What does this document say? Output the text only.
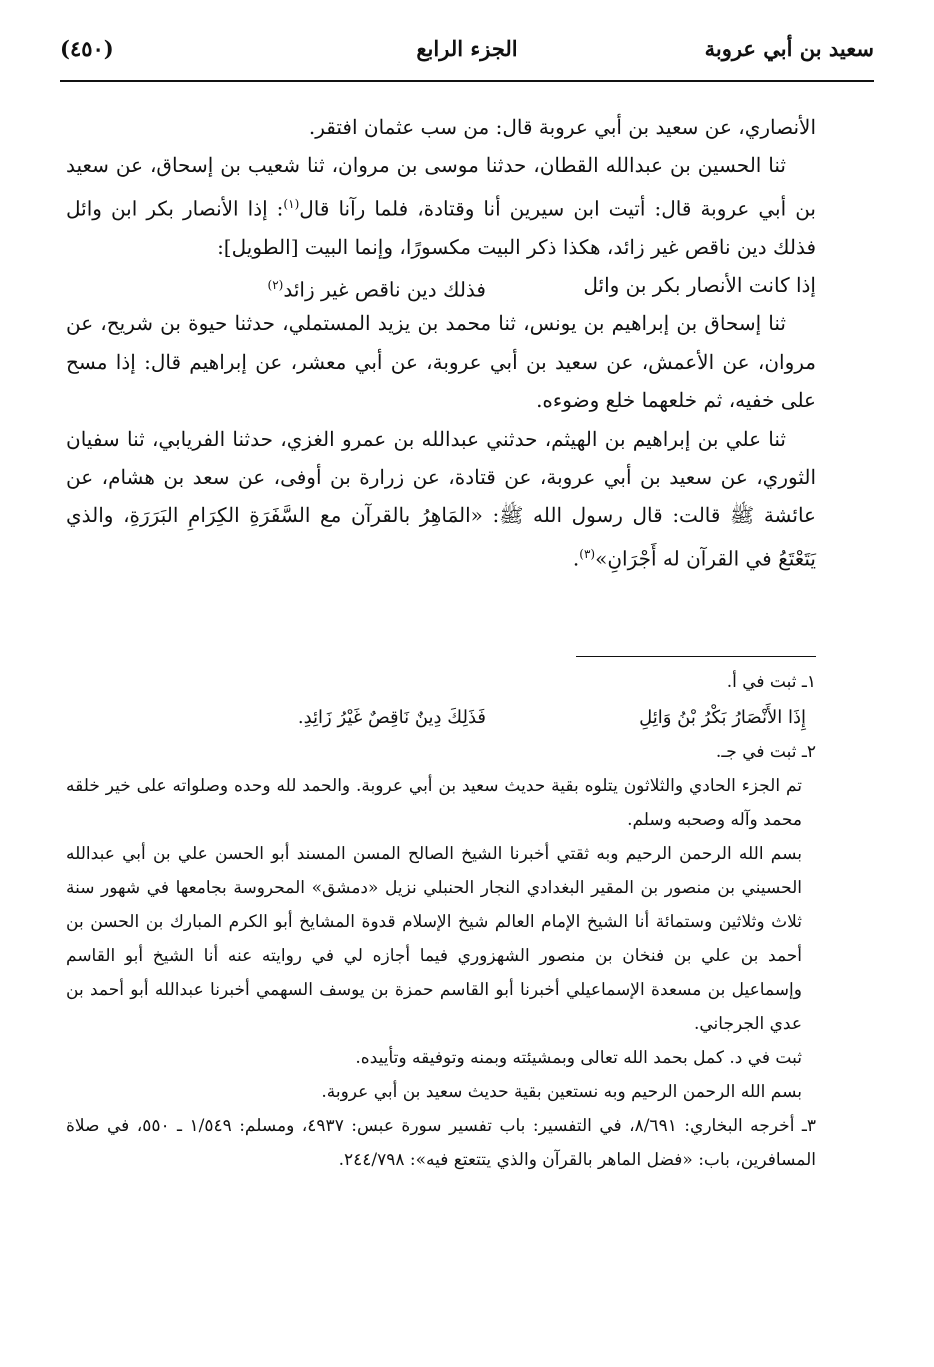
سعيد بن أبي عروبة
الجزء الرابع
(٤٥٠)

الأنصاري، عن سعيد بن أبي عروبة قال: من سب عثمان افتقر.

ثنا الحسين بن عبدالله القطان، حدثنا موسى بن مروان، ثنا شعيب بن إسحاق، عن سعيد بن أبي عروبة قال: أتيت ابن سيرين أنا وقتادة، فلما رآنا قال$^{(١)}$: إذا الأنصار بكر ابن وائل فذلك دين ناقص غير زائد، هكذا ذكر البيت مكسورًا، وإنما البيت [الطويل]:

إذا كانت الأنصار بكر بن وائل
فذلك دين ناقص غير زائد$^{(٢)}$

ثنا إسحاق بن إبراهيم بن يونس، ثنا محمد بن يزيد المستملي، حدثنا حيوة بن شريح، عن مروان، عن الأعمش، عن سعيد بن أبي عروبة، عن أبي معشر، عن إبراهيم قال: إذا مسح على خفيه، ثم خلعهما خلع وضوءه.

ثنا علي بن إبراهيم بن الهيثم، حدثني عبدالله بن عمرو الغزي، حدثنا الفريابي، ثنا سفيان الثوري، عن سعيد بن أبي عروبة، عن قتادة، عن زرارة بن أوفى، عن سعد بن هشام، عن عائشة ﷺ قالت: قال رسول الله ﷺ: «المَاهِرُ بالقرآن مع السَّفَرَةِ الكِرَامِ البَرَرَةِ، والذي يَتَعْتَعُ في القرآن له أَجْرَانِ»$^{(٣)}$.

١ـ ثبت في أ.

إِذَا الأَنْصَارُ بَكْرُ بْنُ وَائِلِ
فَذَلِكَ دِينٌ نَاقِصٌ غَيْرُ زَائِدِ.

٢ـ ثبت في جـ.

تم الجزء الحادي والثلاثون يتلوه بقية حديث سعيد بن أبي عروبة. والحمد لله وحده وصلواته على خير خلقه محمد وآله وصحبه وسلم.

بسم الله الرحمن الرحيم وبه ثقتي أخبرنا الشيخ الصالح المسن المسند أبو الحسن علي بن أبي عبدالله الحسيني بن منصور بن المقير البغدادي النجار الحنبلي نزيل «دمشق» المحروسة بجامعها في شهور سنة ثلاث وثلاثين وستمائة أنا الشيخ الإمام العالم شيخ الإسلام قدوة المشايخ أبو الكرم المبارك بن الحسن بن أحمد بن علي بن فنخان بن منصور الشهزوري فيما أجازه لي في روايته عنه أنا الشيخ أبو القاسم وإسماعيل بن مسعدة الإسماعيلي أخبرنا أبو القاسم حمزة بن يوسف السهمي أخبرنا عبدالله أبو أحمد بن عدي الجرجاني.

ثبت في د. كمل بحمد الله تعالى وبمشيئته وبمنه وتوفيقه وتأييده.

بسم الله الرحمن الرحيم وبه نستعين بقية حديث سعيد بن أبي عروبة.

٣ـ أخرجه البخاري: ٨/٦٩١، في التفسير: باب تفسير سورة عبس: ٤٩٣٧، ومسلم: ١/٥٤٩ ـ ٥٥٠، في صلاة المسافرين، باب: «فضل الماهر بالقرآن والذي يتتعتع فيه»: ٢٤٤/٧٩٨.
